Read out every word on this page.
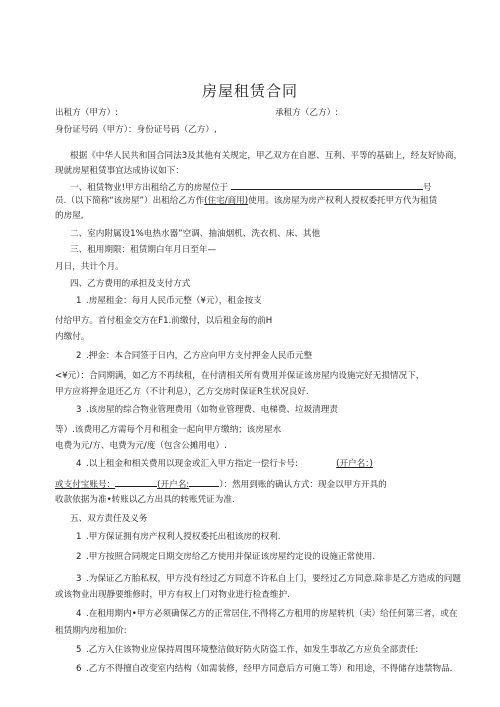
房屋租赁合同
出租方（甲方）:	承租方（乙方）:
身份证号码（甲方）：身份证号码（乙方）,
根据《中华人民共和国合同法3及其他有关规定，甲乙双方在自愿、互利、平等的基础上，经友好协商，
现就房屋租赁事宜达成协议如下：
一、租赁物业!甲方出租给乙方的房屋位于	号
员.（以下简称“该房屋”）出租给乙方作(住宅/商用)使用。该房屋为房产权利人授权委托甲方代为租赁
的房屋,
二、室内附属设1%电热水器”空调、抽油烟机、洗衣机、床、其他
三、租用期限：租赁期白年月日至年—
月日，共计个月。
四、乙方费用的承担及支付方式
1 .房屋租金：每月人民币元整（¥元），租金按支
付给甲方。首付租金交方在F1.前缴付，以后租金每的前H
内缴付。
2 .押金：本合同签于日内，乙方应向甲方支付押金人民币元整
<¥元）：合同期满，如乙方不再续租，在付清相关所有费用并保证该房屋内设施完好无损情况下，
甲方应将押金退还乙方（不计利息），乙方交房时保证R生状况良好.
3 .该房屋的综合物业管理费用（如物业管理费、电梯费、垃圾清理责
等）.该费用乙方需每个月和租金一起向甲方缴纳；该房屋水
电费为元/方、电费为元/度（包含公摊用电）.
4 .以上租金和相关费用以现金或汇入甲方指定一偿行卡号:	(开户名：)
或支付宝账号：	(开户名:	）：然用到账的确认方式：现金以甲方开具的
收款依据为准•转账以乙方出具的转账凭证为准.
五、双方责任及义务
1 .甲方保证拥有房产权利人授权委托出租该房的权利.
2 .甲方按照合同规定日期交房给乙方使用并保证该房屋约定设的设施正常使用.
3 .为保证乙方胎私权，甲方没有经过乙方同意不许私自上门，要经过乙方同意.除非是乙方造成的问题
或该物业出现静要维修时，甲方有权上门对物业进行检查维护.
4 .在租用期内•甲方必须确保乙方的正常居住,不得将乙方租用的房屋转机（卖）给任何第三者，或在
租赁期内房租加价:
5 .乙方入住该物业应保持周围环境整洁做好防火防盗工作，如发生事故乙方应负全部责任:
6 .乙方不得擅自改变室内结构（如需装修，经甲方同意后方可施工等）和用途，不得储存违禁物品.
